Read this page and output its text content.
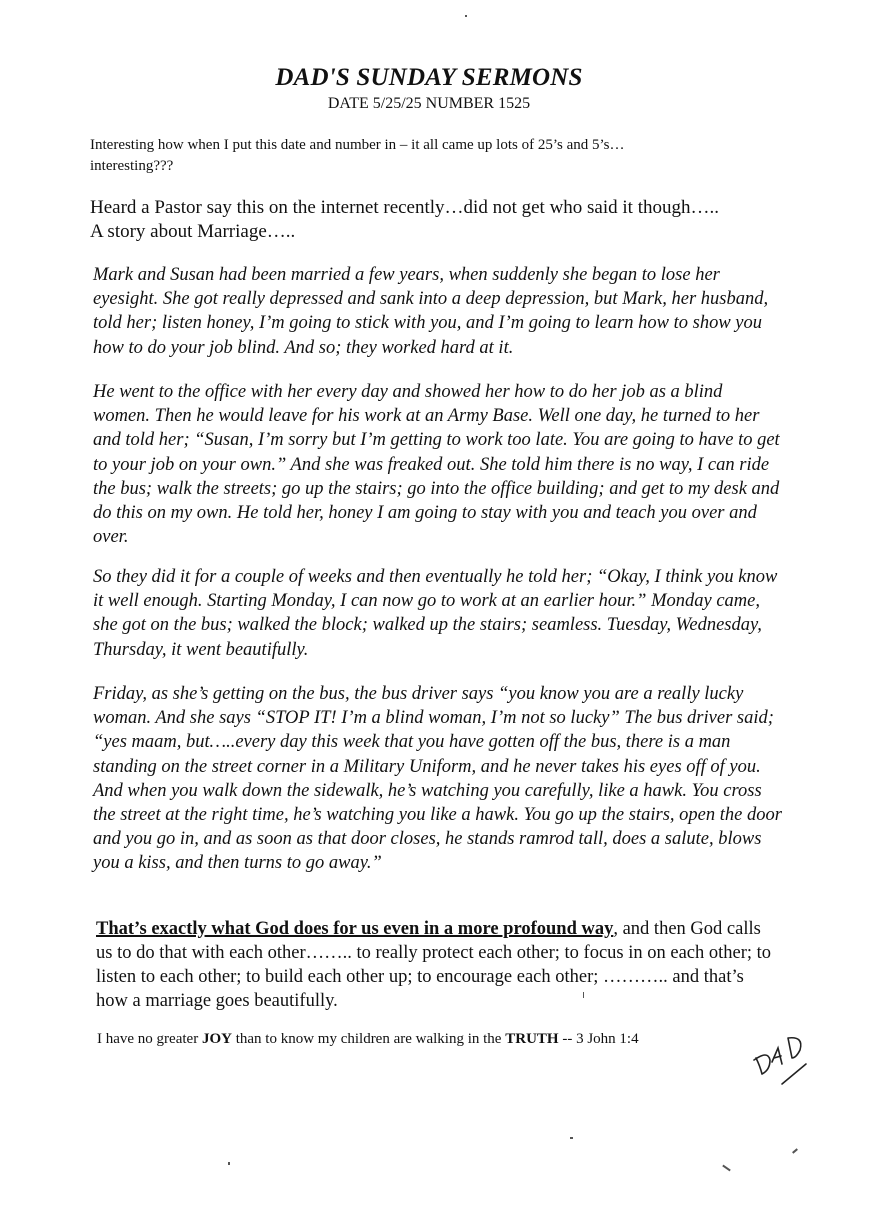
DAD'S SUNDAY SERMONS
DATE 5/25/25 NUMBER 1525
Interesting how when I put this date and number in – it all came up lots of 25’s and 5’s…interesting???
Heard a Pastor say this on the internet recently…did not get who said it though…..
A story about Marriage…..
Mark and Susan had been married a few years, when suddenly she began to lose her eyesight. She got really depressed and sank into a deep depression, but Mark, her husband, told her; listen honey, I’m going to stick with you, and I’m going to learn how to show you how to do your job blind. And so; they worked hard at it.
He went to the office with her every day and showed her how to do her job as a blind women. Then he would leave for his work at an Army Base. Well one day, he turned to her and told her; “Susan, I’m sorry but I’m getting to work too late. You are going to have to get to your job on your own.” And she was freaked out. She told him there is no way, I can ride the bus; walk the streets; go up the stairs; go into the office building; and get to my desk and do this on my own. He told her, honey I am going to stay with you and teach you over and over.
So they did it for a couple of weeks and then eventually he told her; “Okay, I think you know it well enough. Starting Monday, I can now go to work at an earlier hour.” Monday came, she got on the bus; walked the block; walked up the stairs; seamless. Tuesday, Wednesday, Thursday, it went beautifully.
Friday, as she’s getting on the bus, the bus driver says “you know you are a really lucky woman. And she says “STOP IT! I’m a blind woman, I’m not so lucky” The bus driver said; “yes maam, but…..every day this week that you have gotten off the bus, there is a man standing on the street corner in a Military Uniform, and he never takes his eyes off of you. And when you walk down the sidewalk, he’s watching you carefully, like a hawk. You cross the street at the right time, he’s watching you like a hawk. You go up the stairs, open the door and you go in, and as soon as that door closes, he stands ramrod tall, does a salute, blows you a kiss, and then turns to go away.”
That’s exactly what God does for us even in a more profound way, and then God calls us to do that with each other…….. to really protect each other; to focus in on each other; to listen to each other; to build each other up; to encourage each other; ……….. and that’s how a marriage goes beautifully.
I have no greater JOY than to know my children are walking in the TRUTH -- 3 John 1:4
